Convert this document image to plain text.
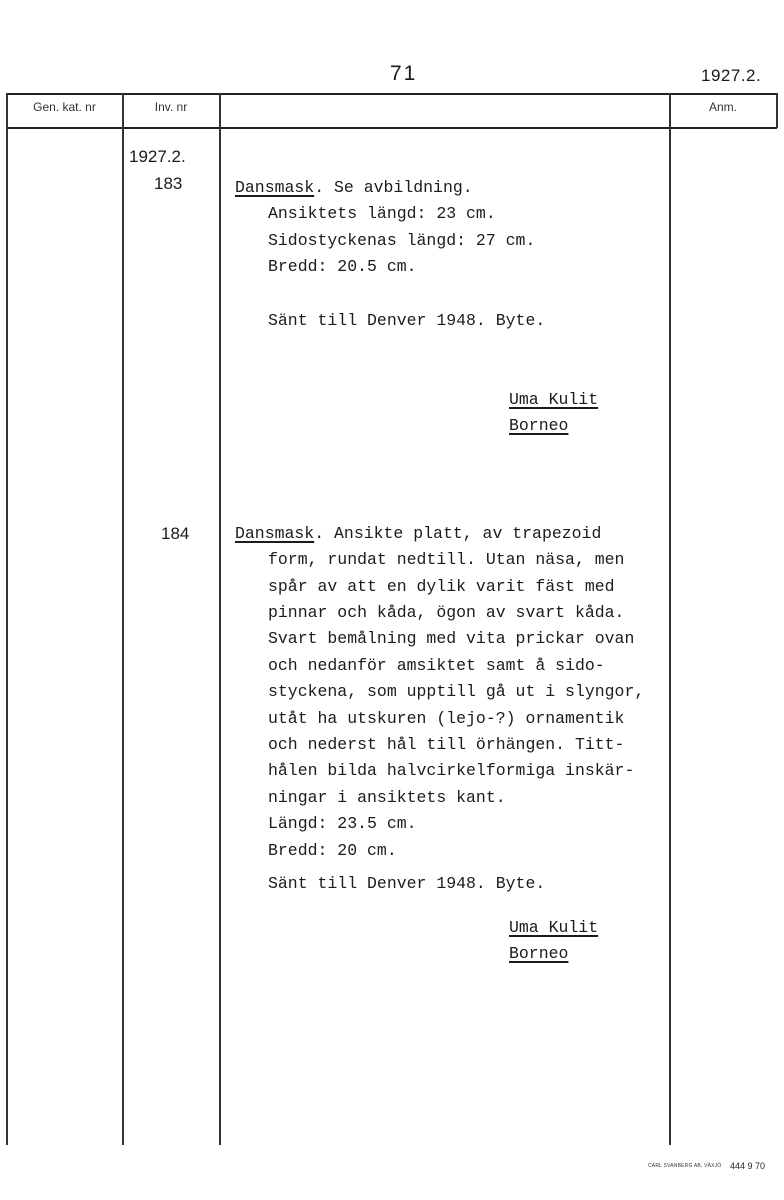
71	1927.2.
Gen. kat. nr	Inv. nr	Anm.
1927.2.
183	Dansmask. Se avbildning.
Ansiktets längd: 23 cm.
Sidostyckenas längd: 27 cm.
Bredd: 20.5 cm.
Sänt till Denver 1948. Byte.
Uma Kulit
Borneo
184	Dansmask. Ansikte platt, av trapezoid
form, rundat nedtill. Utan näsa, men
spår av att en dylik varit fäst med
pinnar och kåda, ögon av svart kåda.
Svart bemålning med vita prickar ovan
och nedanför amsiktet samt å sido-
styckena, som upptill gå ut i slyngor,
utåt ha utskuren (lejo-?) ornamentik
och nederst hål till örhängen. Titt-
hålen bilda halvcirkelformiga inskär-
ningar i ansiktets kant.
Längd: 23.5 cm.
Bredd: 20 cm.
Sänt till Denver 1948. Byte.
Uma Kulit
Borneo
CARL SVANBERG AB, VÄXJÖ 444 9 70
